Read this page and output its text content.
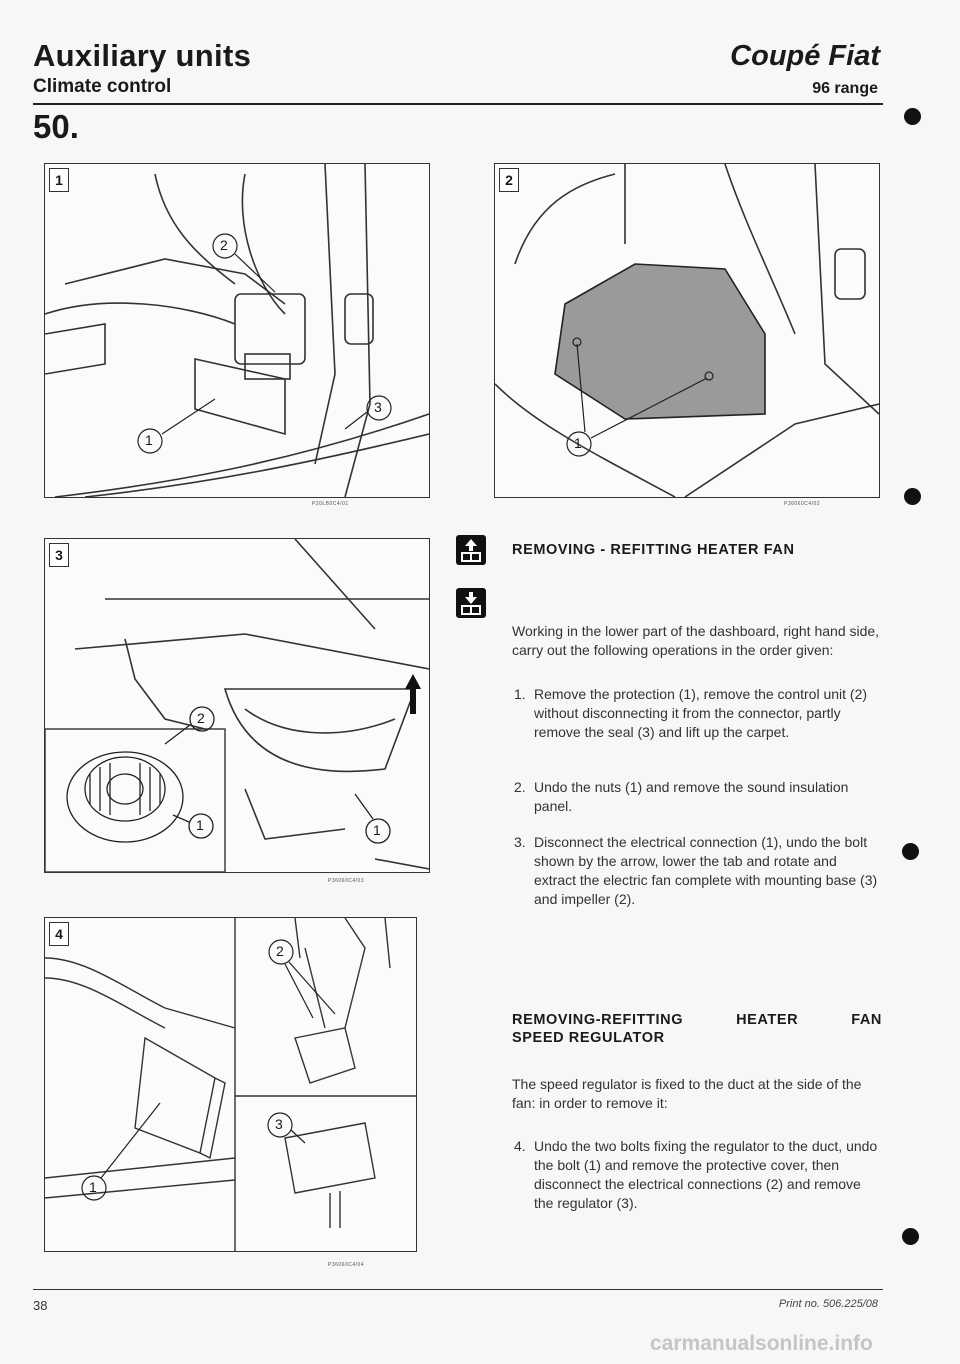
Auxiliary units
Climate control
Coupé Fiat
96 range
50.
1
2
3
1
P20LB0C4/01
2
1
P36060C4/02
3
2
1	1
P36060C4/03
4
2
3
1
P36060C4/04
REMOVING - REFITTING HEATER FAN
Working in the lower part of the dashboard, right hand side, carry out the following operations in the order given:
1. Remove the protection (1), remove the control unit (2) without disconnecting it from the connector, partly remove the seal (3) and lift up the carpet.
2. Undo the nuts (1) and remove the sound insulation panel.
3. Disconnect the electrical connection (1), undo the bolt shown by the arrow, lower the tab and rotate and extract the electric fan complete with mounting base (3) and impeller (2).
REMOVING-REFITTING HEATER FAN
SPEED REGULATOR
The speed regulator is fixed to the duct at the side of the fan: in order to remove it:
4. Undo the two bolts fixing the regulator to the duct, undo the bolt (1) and remove the protective cover, then disconnect the electrical connections (2) and remove the regulator (3).
38	Print no. 506.225/08
carmanualsonline.info
